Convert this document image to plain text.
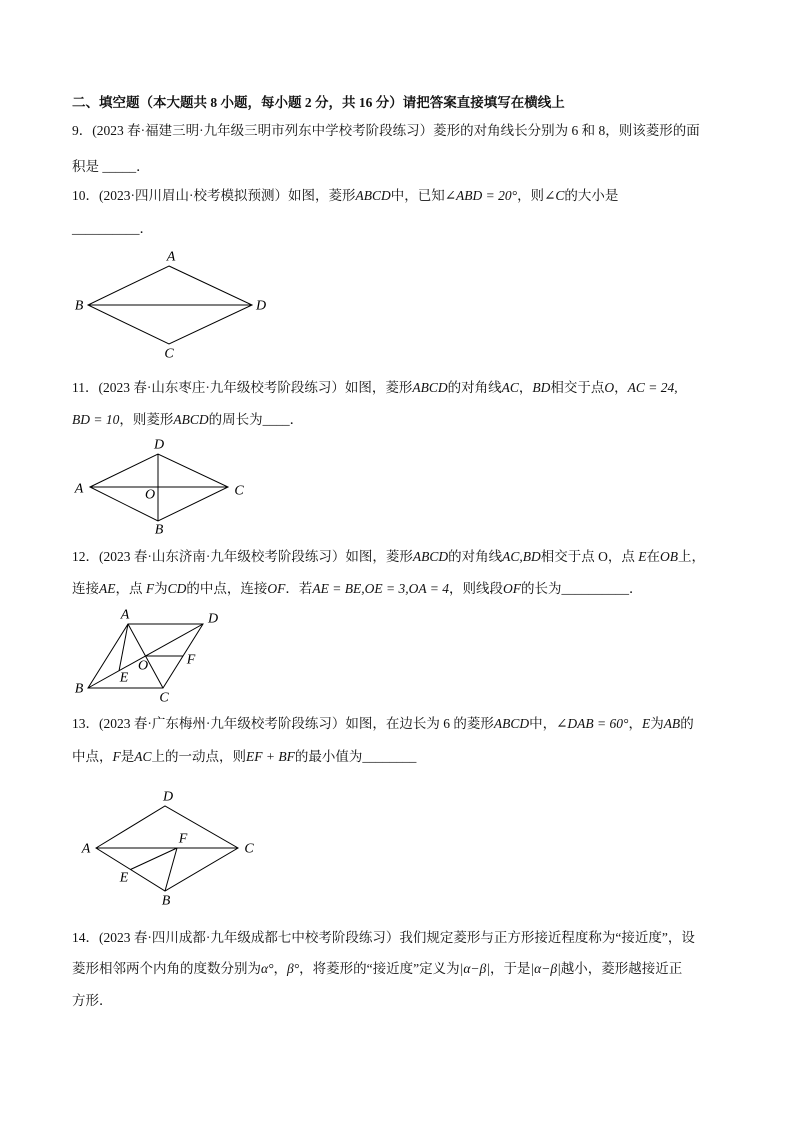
二、填空题（本大题共 8 小题，每小题 2 分，共 16 分）请把答案直接填写在横线上
9．(2023 春·福建三明·九年级三明市列东中学校考阶段练习）菱形的对角线长分别为 6 和 8，则该菱形的面
积是 _____．
10．(2023·四川眉山·校考模拟预测）如图，菱形ABCD中，已知∠ABD = 20°，则∠C的大小是
__________．
A
B	D
C
11．(2023 春·山东枣庄·九年级校考阶段练习）如图，菱形ABCD的对角线AC，BD相交于点O，AC = 24,
BD = 10，则菱形ABCD的周长为____．
D
A	C
B
O
12．(2023 春·山东济南·九年级校考阶段练习）如图，菱形ABCD的对角线AC,BD相交于点 O，点 E在OB上，
连接AE，点 F为CD的中点，连接OF．若AE = BE,OE = 3,OA = 4，则线段OF的长为__________．
A	D
O	F
E
B
C
13．(2023 春·广东梅州·九年级校考阶段练习）如图，在边长为 6 的菱形ABCD中，∠DAB = 60°，E为AB的
中点，F是AC上的一动点，则EF + BF的最小值为________
D
A	C
F
E
B
14．(2023 春·四川成都·九年级成都七中校考阶段练习）我们规定菱形与正方形接近程度称为“接近度”，设
菱形相邻两个内角的度数分别为α°，β°，将菱形的“接近度”定义为|α−β|，于是|α−β|越小，菱形越接近正
方形．
